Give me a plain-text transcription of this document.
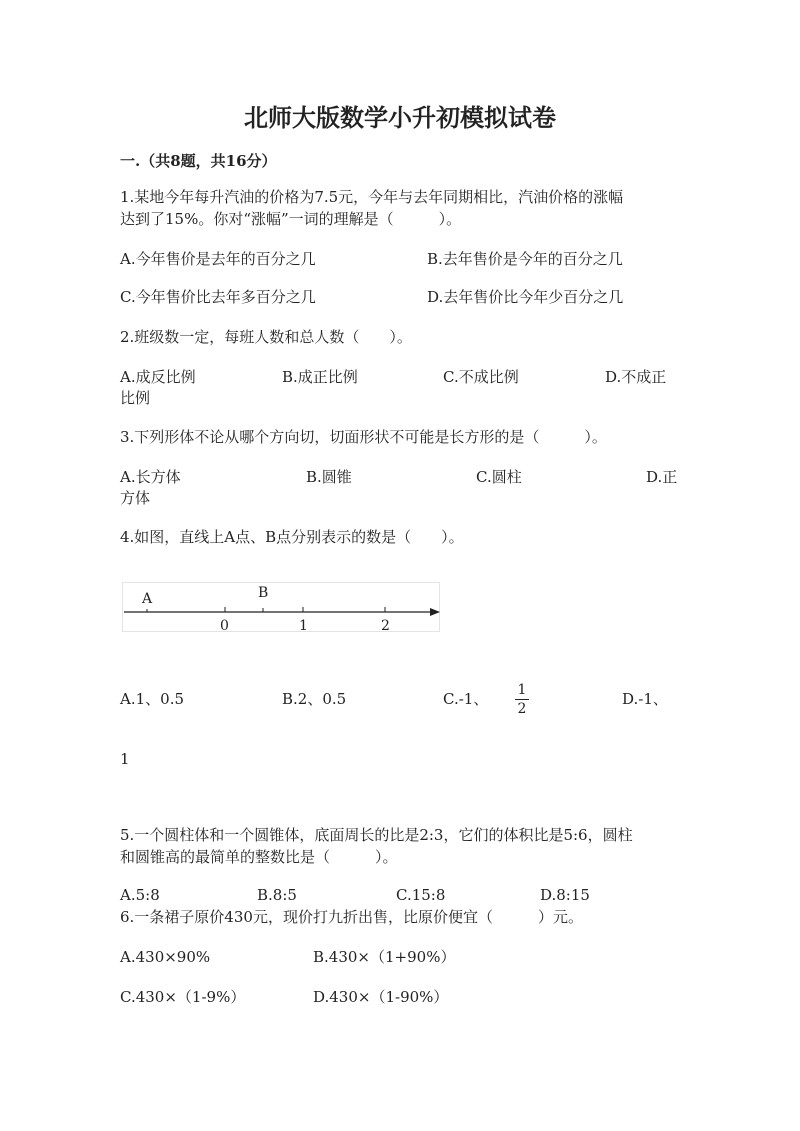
北师大版数学小升初模拟试卷
一.（共8题，共16分）
1.某地今年每升汽油的价格为7.5元，今年与去年同期相比，汽油价格的涨幅
达到了15%。你对“涨幅”一词的理解是（　　　）。
A.今年售价是去年的百分之几	B.去年售价是今年的百分之几
C.今年售价比去年多百分之几	D.去年售价比今年少百分之几
2.班级数一定，每班人数和总人数（　　）。
A.成反比例	B.成正比例	C.不成比例	D.不成正
比例
3.下列形体不论从哪个方向切，切面形状不可能是长方形的是（　　　）。
A.长方体	B.圆锥	C.圆柱	D.正
方体
4.如图，直线上A点、B点分别表示的数是（　　）。
A	B
0	1	2
A.1、0.5	B.2、0.5	C.-1、 1
2
D.-1、
1
5.一个圆柱体和一个圆锥体，底面周长的比是2:3，它们的体积比是5:6，圆柱
和圆锥高的最简单的整数比是（　　　）。
A.5:8	B.8:5	C.15:8	D.8:15
6.一条裙子原价430元，现价打九折出售，比原价便宜（　　　）元。
A.430×90%	B.430×（1+90%）
C.430×（1-9%）	D.430×（1-90%）
